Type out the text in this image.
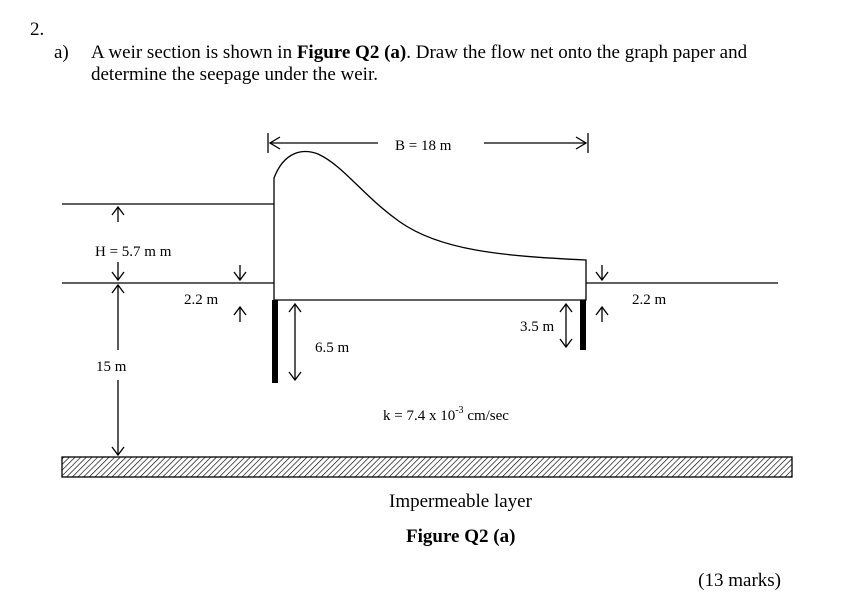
2.
a) A weir section is shown in Figure Q2 (a). Draw the flow net onto the graph paper and determine the seepage under the weir.
B = 18 m
H = 5.7 m m
15 m
2.2 m	2.2 m
6.5 m
3.5 m
k = 7.4 x $10^{-3}$ cm/sec
Impermeable layer
Figure Q2 (a)
(13 marks)
